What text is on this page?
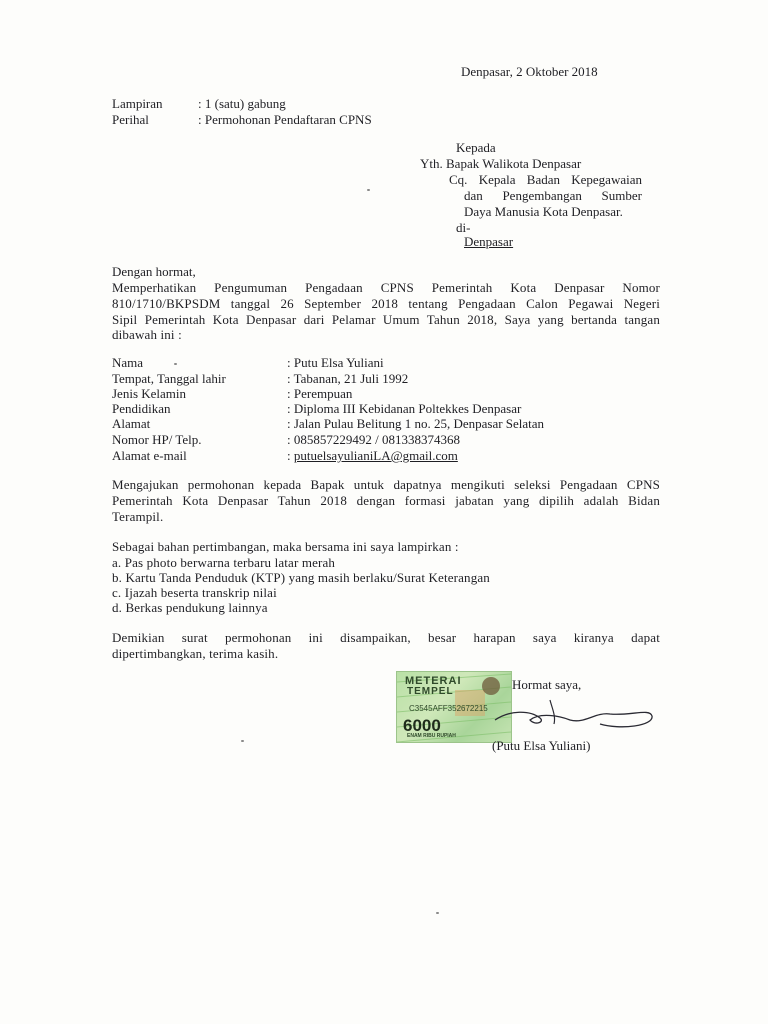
Denpasar, 2 Oktober 2018
Lampiran	: 1 (satu) gabung
Perihal	: Permohonan Pendaftaran CPNS
Kepada
Yth. Bapak Walikota Denpasar
Cq. Kepala Badan Kepegawaian
dan Pengembangan Sumber
Daya Manusia Kota Denpasar.
di-
Denpasar
Dengan hormat,
Memperhatikan Pengumuman Pengadaan CPNS Pemerintah Kota Denpasar Nomor
810/1710/BKPSDM tanggal 26 September 2018 tentang Pengadaan Calon Pegawai Negeri
Sipil Pemerintah Kota Denpasar dari Pelamar Umum Tahun 2018, Saya yang bertanda tangan
dibawah ini :
Nama	: Putu Elsa Yuliani
Tempat, Tanggal lahir	: Tabanan, 21 Juli 1992
Jenis Kelamin	: Perempuan
Pendidikan	: Diploma III Kebidanan Poltekkes Denpasar
Alamat	: Jalan Pulau Belitung 1 no. 25, Denpasar Selatan
Nomor HP/ Telp.	: 085857229492 / 081338374368
Alamat e-mail	: putuelsayulianiLA@gmail.com
Mengajukan permohonan kepada Bapak untuk dapatnya mengikuti seleksi Pengadaan CPNS
Pemerintah Kota Denpasar Tahun 2018 dengan formasi jabatan yang dipilih adalah Bidan
Terampil.
Sebagai bahan pertimbangan, maka bersama ini saya lampirkan :
a. Pas photo berwarna terbaru latar merah
b. Kartu Tanda Penduduk (KTP) yang masih berlaku/Surat Keterangan
c. Ijazah beserta transkrip nilai
d. Berkas pendukung lainnya
Demikian surat permohonan ini disampaikan, besar harapan saya kiranya dapat
dipertimbangkan, terima kasih.
METERAI
TEMPEL
C3545AFF352672215
6000
ENAM RIBU RUPIAH
Hormat saya,
(Putu Elsa Yuliani)
